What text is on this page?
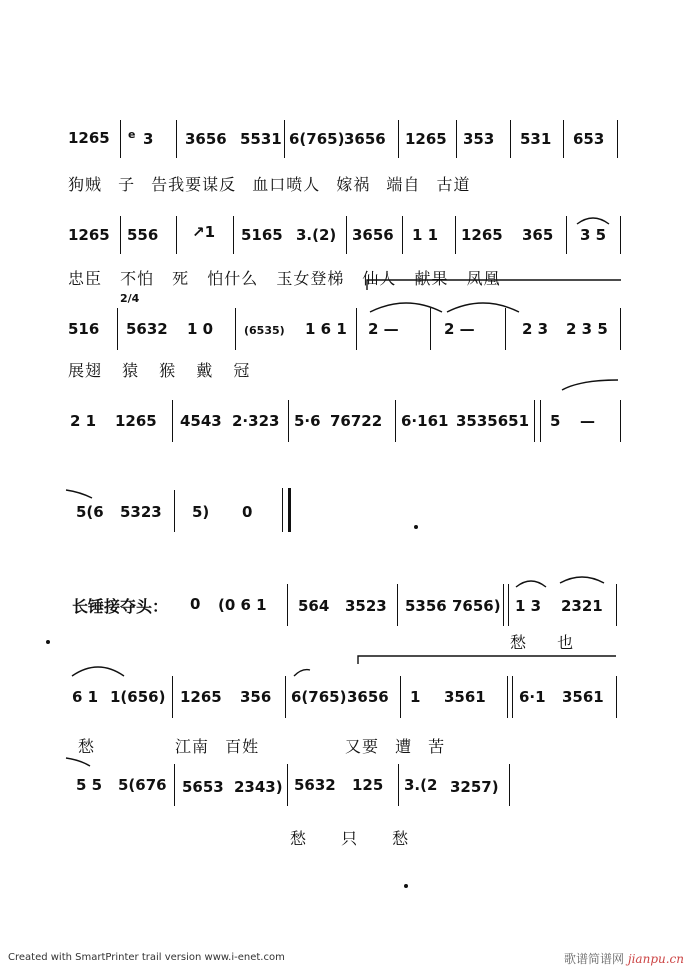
1265 e 3 3656 5531 6(765) 3656 1265 353 531 653
狗贼 子 告我要谋反 血口喷人 嫁祸 端自 古道
1265 556 ↗1 5165 3.(2) 3656 1 1 1265 365 3 5
忠臣 不怕 死 怕什么 玉女登梯 仙人 献果 凤凰
516
2/4
5632 1 0	(6535) 1 6 1 2 —	2 —	2 3 2 3 5
展翅 猿 猴 戴 冠
2 1 1265 4543 2·323 5·6 76722 6·161 3535651 5 —
5(6 5323 5) 0
长锤接夺头： 0 (0 6 1 564 3523 5356 7656) 1 3 2321
愁 也
6 1 1(656) 1265 356 6(765) 3656 1 3561 6·1 3561
愁	江南 百姓	又要 遭 苦
5 5 5(676 5653 2343) 5632 125 3.(2 3257)
愁 只 愁
Created with SmartPrinter trail version www.i-enet.com	歌谱简谱网 jianpu.cn
